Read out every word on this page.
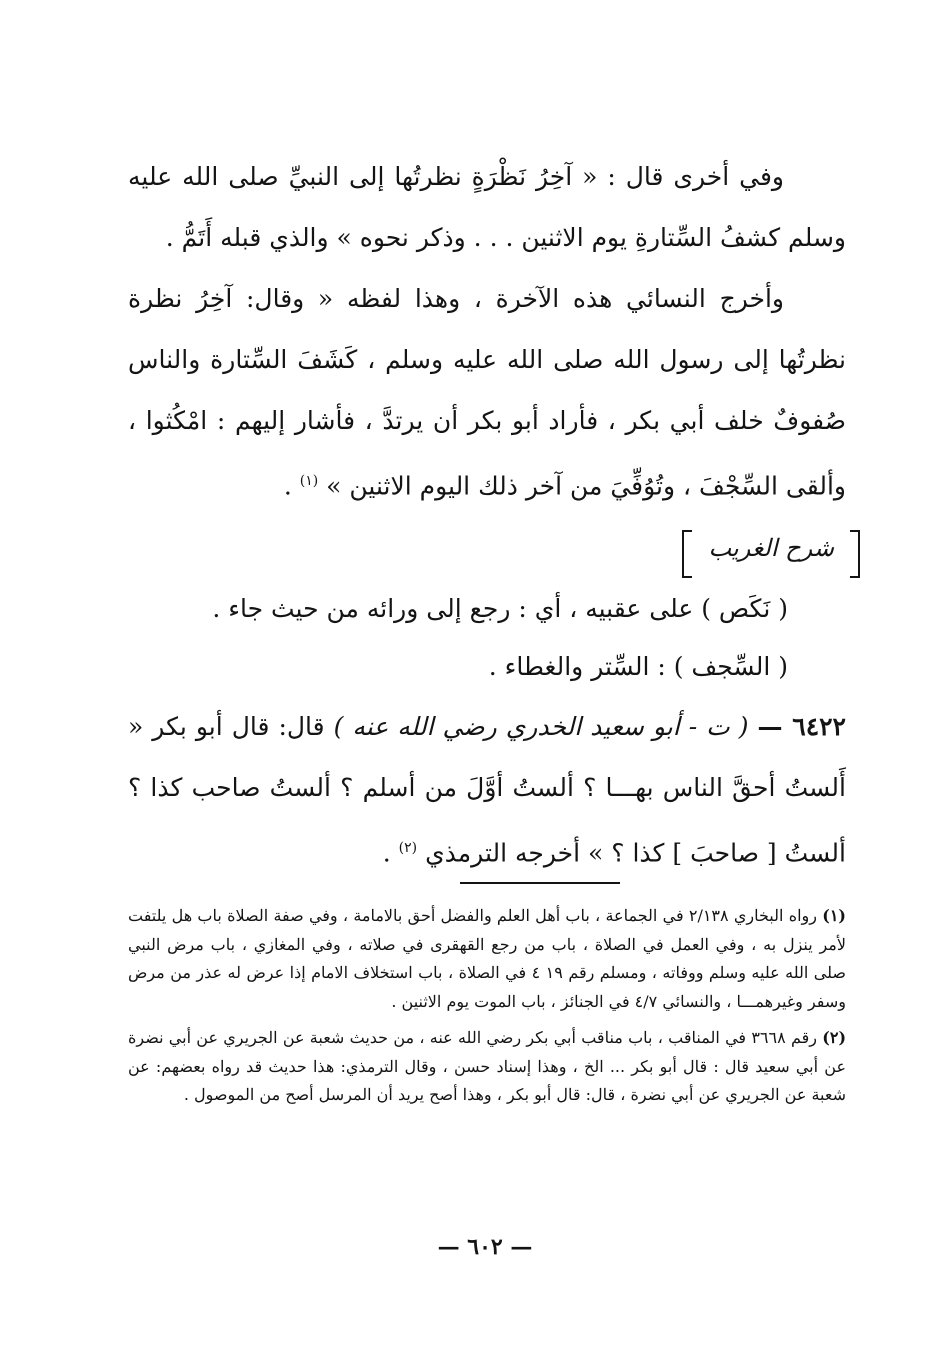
وفي أخرى قال : « آخِرُ نَظْرَةٍ نظرتُها إلى النبيِّ صلى الله عليه وسلم كشفُ السِّتارةِ يوم الاثنين . . . وذكر نحوه » والذي قبله أَتَمُّ .

وأخرج النسائي هذه الآخرة ، وهذا لفظه « وقال: آخِرُ نظرة نظرتُها إلى رسول الله صلى الله عليه وسلم ، كَشَفَ السِّتارة والناس صُفوفٌ خلف أبي بكر ، فأراد أبو بكر أن يرتدَّ ، فأشار إليهم : امْكُثوا ، وألقى السِّجْفَ ، وتُوُفِّيَ من آخر ذلك اليوم الاثنين » $^{(١)}$ .

شرح الغريب

( نَكَص ) على عقبيه ، أي : رجع إلى ورائه من حيث جاء .

( السِّجف ) : السِّتر والغطاء .

٦٤٢٢ — ( ت - أبو سعيد الخدري رضي الله عنه ) قال: قال أبو بكر « أَلستُ أحقَّ الناس بهـــا ؟ ألستُ أوَّلَ من أسلم ؟ ألستُ صاحب كذا ؟ ألستُ [ صاحبَ ] كذا ؟ » أخرجه الترمذي $^{(٢)}$ .

(١) رواه البخاري ٢/١٣٨ في الجماعة ، باب أهل العلم والفضل أحق بالامامة ، وفي صفة الصلاة باب هل يلتفت لأمر ينزل به ، وفي العمل في الصلاة ، باب من رجع القهقرى في صلاته ، وفي المغازي ، باب مرض النبي صلى الله عليه وسلم ووفاته ، ومسلم رقم ١٩ ٤ في الصلاة ، باب استخلاف الامام إذا عرض له عذر من مرض وسفر وغيرهمـــا ، والنسائي ٤/٧ في الجنائز ، باب الموت يوم الاثنين .

(٢) رقم ٣٦٦٨ في المناقب ، باب مناقب أبي بكر رضي الله عنه ، من حديث شعبة عن الجريري عن أبي نضرة عن أبي سعيد قال : قال أبو بكر ... الخ ، وهذا إسناد حسن ، وقال الترمذي: هذا حديث قد رواه بعضهم: عن شعبة عن الجريري عن أبي نضرة ، قال: قال أبو بكر ، وهذا أصح يريد أن المرسل أصح من الموصول .

— ٦٠٢ —
